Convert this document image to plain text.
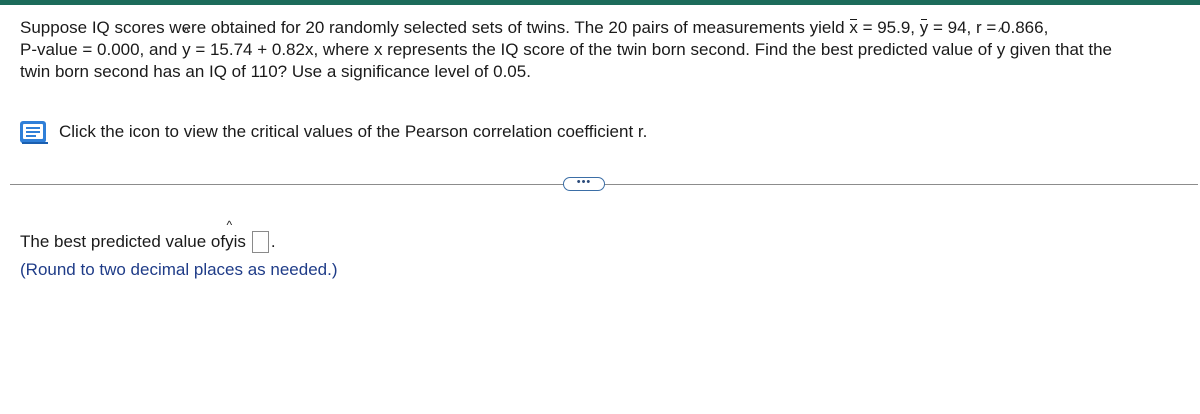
Suppose IQ scores were obtained for 20 randomly selected sets of twins. The 20 pairs of measurements yield x = 95.9, y = 94, r = 0.866,
P-value = 0.000, and ^ y = 15.74 + 0.82x, where x represents the IQ score of the twin born second. Find the best predicted value of ^ y given that the
twin born second has an IQ of 110? Use a significance level of 0.05.
Click the icon to view the critical values of the Pearson correlation coefficient r.
•••
The best predicted value of
^ y is .
(Round to two decimal places as needed.)
